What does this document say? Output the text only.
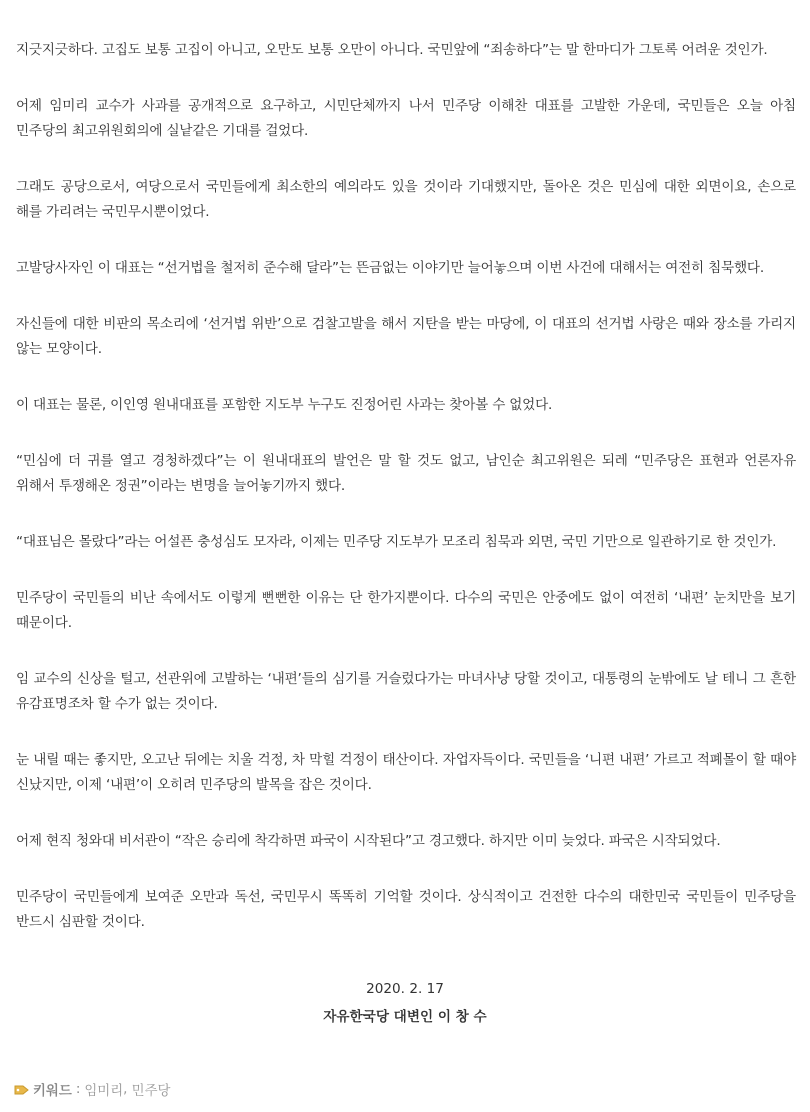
지긋지긋하다. 고집도 보통 고집이 아니고, 오만도 보통 오만이 아니다. 국민앞에 “죄송하다”는 말 한마디가 그토록 어려운 것인가.

어제 임미리 교수가 사과를 공개적으로 요구하고, 시민단체까지 나서 민주당 이해찬 대표를 고발한 가운데, 국민들은 오늘 아침 민주당의 최고위원회의에 실낱같은 기대를 걸었다.

그래도 공당으로서, 여당으로서 국민들에게 최소한의 예의라도 있을 것이라 기대했지만, 돌아온 것은 민심에 대한 외면이요, 손으로 해를 가리려는 국민무시뿐이었다.

고발당사자인 이 대표는 “선거법을 철저히 준수해 달라”는 뜬금없는 이야기만 늘어놓으며 이번 사건에 대해서는 여전히 침묵했다.

자신들에 대한 비판의 목소리에 ‘선거법 위반’으로 검찰고발을 해서 지탄을 받는 마당에, 이 대표의 선거법 사랑은 때와 장소를 가리지 않는 모양이다.

이 대표는 물론, 이인영 원내대표를 포함한 지도부 누구도 진정어린 사과는 찾아볼 수 없었다.

“민심에 더 귀를 열고 경청하겠다”는 이 원내대표의 발언은 말 할 것도 없고, 남인순 최고위원은 되레 “민주당은 표현과 언론자유 위해서 투쟁해온 정권”이라는 변명을 늘어놓기까지 했다.

“대표님은 몰랐다”라는 어설픈 충성심도 모자라, 이제는 민주당 지도부가 모조리 침묵과 외면, 국민 기만으로 일관하기로 한 것인가.

민주당이 국민들의 비난 속에서도 이렇게 뻔뻔한 이유는 단 한가지뿐이다. 다수의 국민은 안중에도 없이 여전히 ‘내편’ 눈치만을 보기 때문이다.

임 교수의 신상을 털고, 선관위에 고발하는 ‘내편’들의 심기를 거슬렀다가는 마녀사냥 당할 것이고, 대통령의 눈밖에도 날 테니 그 흔한 유감표명조차 할 수가 없는 것이다.

눈 내릴 때는 좋지만, 오고난 뒤에는 치울 걱정, 차 막힐 걱정이 태산이다. 자업자득이다. 국민들을 ‘니편 내편’ 가르고 적폐몰이 할 때야 신났지만, 이제 ‘내편’이 오히려 민주당의 발목을 잡은 것이다.

어제 현직 청와대 비서관이 “작은 승리에 착각하면 파국이 시작된다”고 경고했다. 하지만 이미 늦었다. 파국은 시작되었다.

민주당이 국민들에게 보여준 오만과 독선, 국민무시 똑똑히 기억할 것이다. 상식적이고 건전한 다수의 대한민국 국민들이 민주당을 반드시 심판할 것이다.

2020. 2. 17
자유한국당 대변인 이 창 수
키워드 : 임미리 , 민주당
